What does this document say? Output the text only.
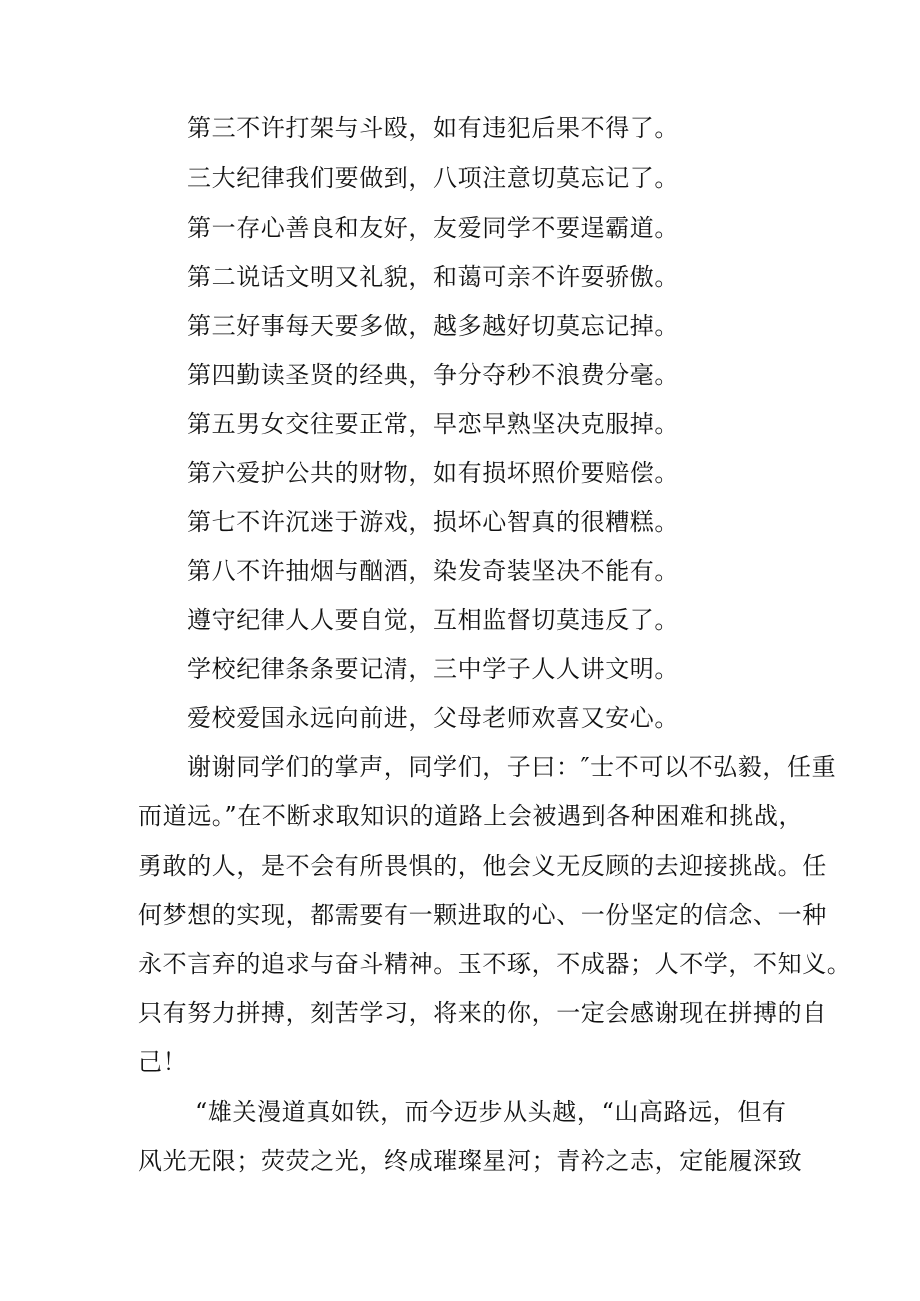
第三不许打架与斗殴，如有违犯后果不得了。
三大纪律我们要做到，八项注意切莫忘记了。
第一存心善良和友好，友爱同学不要逞霸道。
第二说话文明又礼貌，和蔼可亲不许耍骄傲。
第三好事每天要多做，越多越好切莫忘记掉。
第四勤读圣贤的经典，争分夺秒不浪费分毫。
第五男女交往要正常，早恋早熟坚决克服掉。
第六爱护公共的财物，如有损坏照价要赔偿。
第七不许沉迷于游戏，损坏心智真的很糟糕。
第八不许抽烟与酗酒，染发奇装坚决不能有。
遵守纪律人人要自觉，互相监督切莫违反了。
学校纪律条条要记清，三中学子人人讲文明。
爱校爱国永远向前进，父母老师欢喜又安心。
谢谢同学们的掌声，同学们，子曰：″士不可以不弘毅，任重
而道远。”在不断求取知识的道路上会被遇到各种困难和挑战，
勇敢的人，是不会有所畏惧的，他会义无反顾的去迎接挑战。任
何梦想的实现，都需要有一颗进取的心、一份坚定的信念、一种
永不言弃的追求与奋斗精神。玉不琢，不成器；人不学，不知义。
只有努力拼搏，刻苦学习，将来的你，一定会感谢现在拼搏的自
己！
“雄关漫道真如铁，而今迈步从头越，“山高路远，但有
风光无限；荧荧之光，终成璀璨星河；青衿之志，定能履深致
